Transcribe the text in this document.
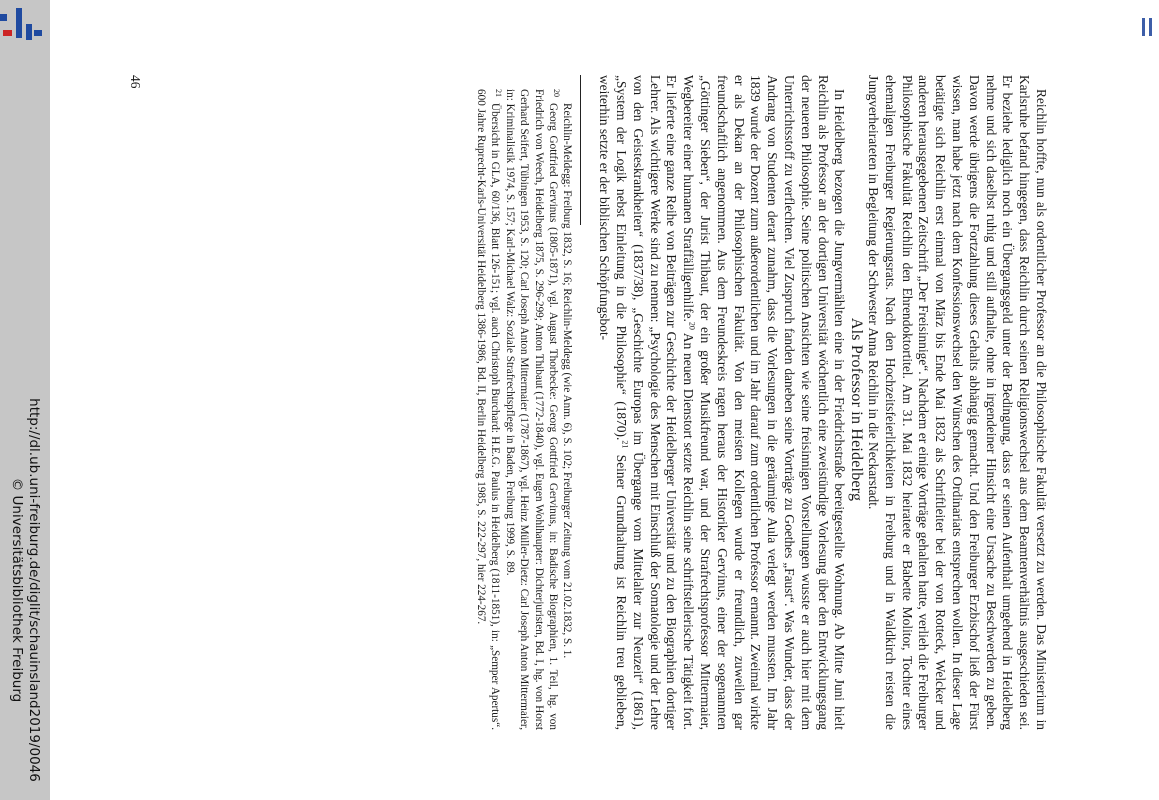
http://dl.ub.uni-freiburg.de/diglit/schauinsland2019/0046
© Universitätsbibliothek Freiburg	Reichlin hoffte, nun als ordentlicher Professor an die Philosophische Fakultät versetzt zu werden. Das Ministerium in Karlsruhe befand hingegen, dass Reichlin durch seinen Religionswechsel aus dem Beamtenverhältnis ausgeschieden sei. Er beziehe lediglich noch ein Übergangsgeld unter der Bedingung, dass er seinen Aufenthalt umgehend in Heidelberg nehme und sich daselbst ruhig und still aufhalte, ohne in irgendeiner Hinsicht eine Ursache zu Beschwerden zu geben. Davon werde übrigens die Fortzahlung dieses Gehalts abhängig gemacht. Und den Freiburger Erzbischof ließ der Fürst wissen, man habe jetzt nach dem Konfessionswechsel den Wünschen des Ordinariats entsprechen wollen. In dieser Lage betätigte sich Reichlin erst einmal von März bis Ende Mai 1832 als Schriftleiter bei der von Rotteck, Welcker und anderen herausgegebenen Zeitschrift „Der Freisinnige“. Nachdem er einige Vorträge gehalten hatte, verlieh die Freiburger Philosophische Fakultät Reichlin den Ehrendoktortitel. Am 31. Mai 1832 heiratete er Babette Molitor, Tochter eines ehemaligen Freiburger Regierungsrats. Nach den Hochzeitsfeierlichkeiten in Freiburg und in Waldkirch reisten die Jungverheirateten in Begleitung der Schwester Anna Reichlin in die Neckarstadt.

Als Professor in Heidelberg

In Heidelberg bezogen die Jungvermählten eine in der Friedrichstraße bereitgestellte Wohnung. Ab Mitte Juni hielt Reichlin als Professor an der dortigen Universität wöchentlich eine zweistündige Vorlesung über den Entwicklungsgang der neueren Philosophie. Seine politischen Ansichten wie seine freisinnigen Vorstellungen wusste er auch hier mit dem Unterrichtsstoff zu verflechten. Viel Zuspruch fanden daneben seine Vorträge zu Goethes „Faust“. Was Wunder, dass der Andrang von Studenten derart zunahm, dass die Vorlesungen in die geräumige Aula verlegt werden mussten. Im Jahr 1839 wurde der Dozent zum außerordentlichen und im Jahr darauf zum ordentlichen Professor ernannt. Zweimal wirkte er als Dekan an der Philosophischen Fakultät. Von den meisten Kollegen wurde er freundlich, zuweilen gar freundschaftlich angenommen. Aus dem Freundeskreis ragen heraus der Historiker Gervinus, einer der sogenannten „Göttinger Sieben“, der Jurist Thibaut, der ein großer Musikfreund war, und der Strafrechtsprofessor Mittermaier, Wegbereiter einer humanen Straffälligenhilfe.$^{20}$ An neuen Dienstort setzte Reichlin seine schriftstellerische Tätigkeit fort. Er lieferte eine ganze Reihe von Beiträgen zur Geschichte der Heidelberger Universität und zu den Biographien dortiger Lehrer. Als wichtigere Werke sind zu nennen: „Psychologie des Menschen mit Einschluß der Somatologie und der Lehre von den Geisteskrankheiten“ (1837/38), „Geschichte Europas im Übergange vom Mittelalter zur Neuzeit“ (1861), „System der Logik nebst Einleitung in die Philosophie“ (1870).$^{21}$ Seiner Grundhaltung ist Reichlin treu geblieben, weiterhin setzte er der biblischen Schöpfungsbot-

Reichlin-Meldegg: Freiburg 1832, S. 16; Reichlin-Meldegg (wie Anm. 6), S. 102; Freiburger Zeitung vom 21.02.1832, S. 1.

20
Georg Gottfried Gervinus (1805-1871), vgl. August Thorbecke: Georg Gottfried Gervinus, in: Badische Biographien, 1. Teil, hg. von Friedrich von Weech, Heidelberg 1875, S. 296-299; Anton Thibaut (1772-1840), vgl. Eugen Wohlhaupter: Dichterjuristen, Bd. I, hg. von Horst Gerhard Seifert, Tübingen 1953, S. 120; Carl Joseph Anton Mittermaier (1787-1867), vgl. Heinz Müller-Dietz: Carl Joseph Anton Mittermaier, in: Kriminalistik 1974, S. 157; Karl-Michael Walz: Soziale Strafrechtspflege in Baden, Freiburg 1999, S. 89.

21
Übersicht in GLA, 60/136, Blatt 126-151; vgl. auch Christoph Burchard: H.E.G. Paulus in Heidelberg (1811-1851), in: „Semper Apertus“. 600 Jahre Ruprecht-Karls-Universität Heidelberg 1386-1986, Bd. II, Berlin Heidelberg 1985, S. 222-297, hier 224-267.

46
